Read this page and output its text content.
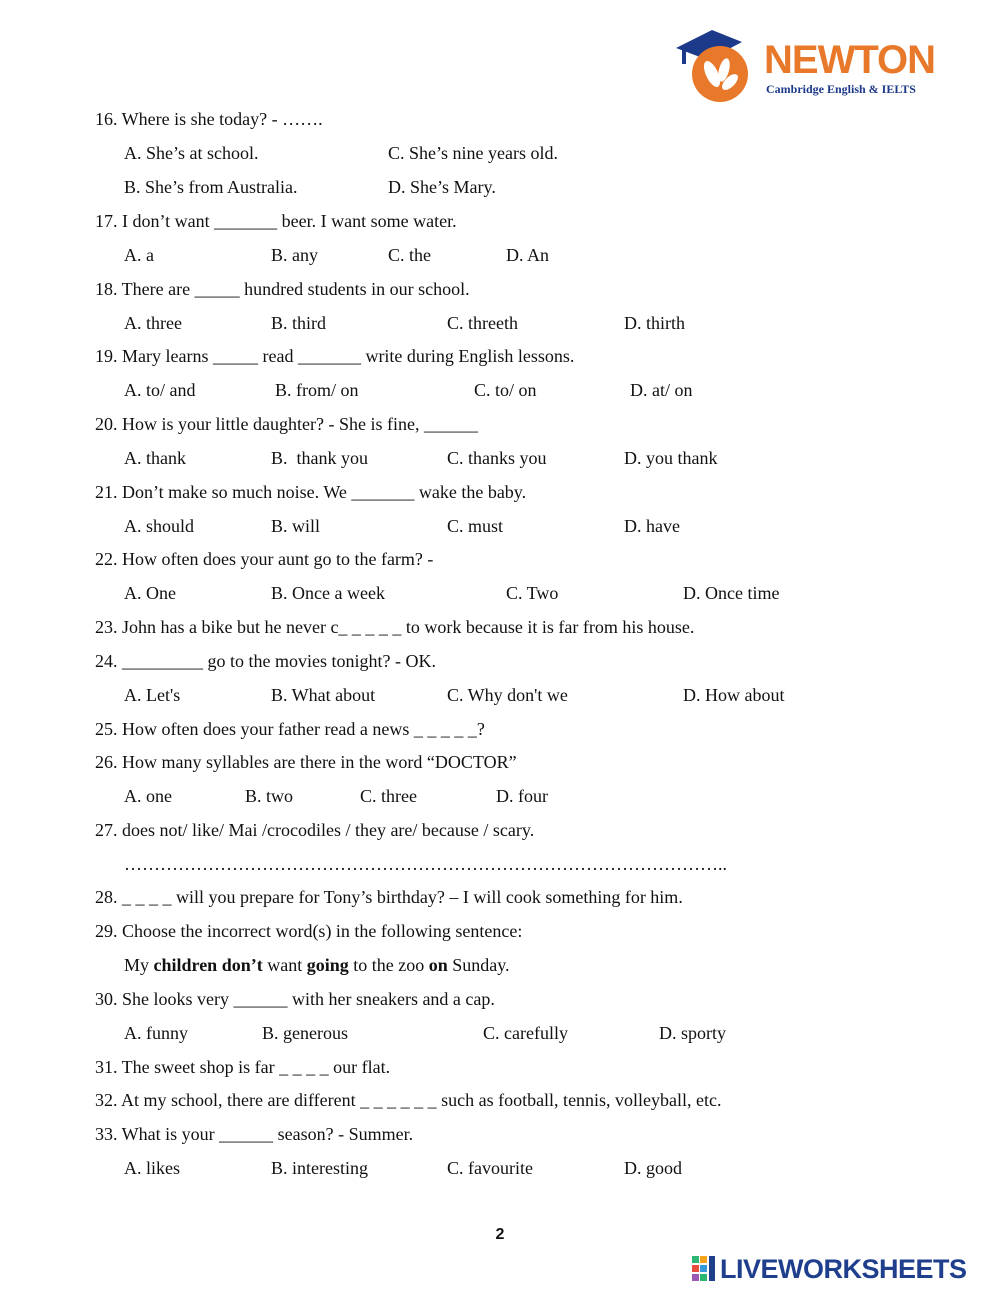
NEWTON
Cambridge English & IELTS
16. Where is she today? - …….
A. She’s at school.	C. She’s nine years old.
B. She’s from Australia.	D. She’s Mary.
17. I don’t want _______ beer. I want some water.
A. a	B. any	C. the	D. An
18. There are _____ hundred students in our school.
A. three	B. third	C. threeth	D. thirth
19. Mary learns _____ read _______ write during English lessons.
A. to/ and	B. from/ on	C. to/ on	D. at/ on
20. How is your little daughter? - She is fine, ______
A. thank	B.  thank you	C. thanks you	D. you thank
21. Don’t make so much noise. We _______ wake the baby.
A. should	B. will	C. must	D. have
22. How often does your aunt go to the farm? -
A. One	B. Once a week	C. Two	D. Once time
23. John has a bike but he never c_ _ _ _ _ to work because it is far from his house.
24. _________ go to the movies tonight? - OK.
A. Let's	B. What about	C. Why don't we	D. How about
25. How often does your father read a news _ _ _ _ _?
26. How many syllables are there in the word “DOCTOR”
A. one	B. two	C. three	D. four
27. does not/ like/ Mai /crocodiles / they are/ because / scary.
………………………………………………………………………………………..
28. _ _ _ _ will you prepare for Tony’s birthday? – I will cook something for him.
29. Choose the incorrect word(s) in the following sentence:
My children don’t want going to the zoo on Sunday.
30. She looks very ______ with her sneakers and a cap.
A. funny	B. generous	C. carefully	D. sporty
31. The sweet shop is far _ _ _ _ our flat.
32. At my school, there are different _ _ _ _ _ _ such as football, tennis, volleyball, etc.
33. What is your ______ season? - Summer.
A. likes	B. interesting	C. favourite	D. good
2
LIVEWORKSHEETS
